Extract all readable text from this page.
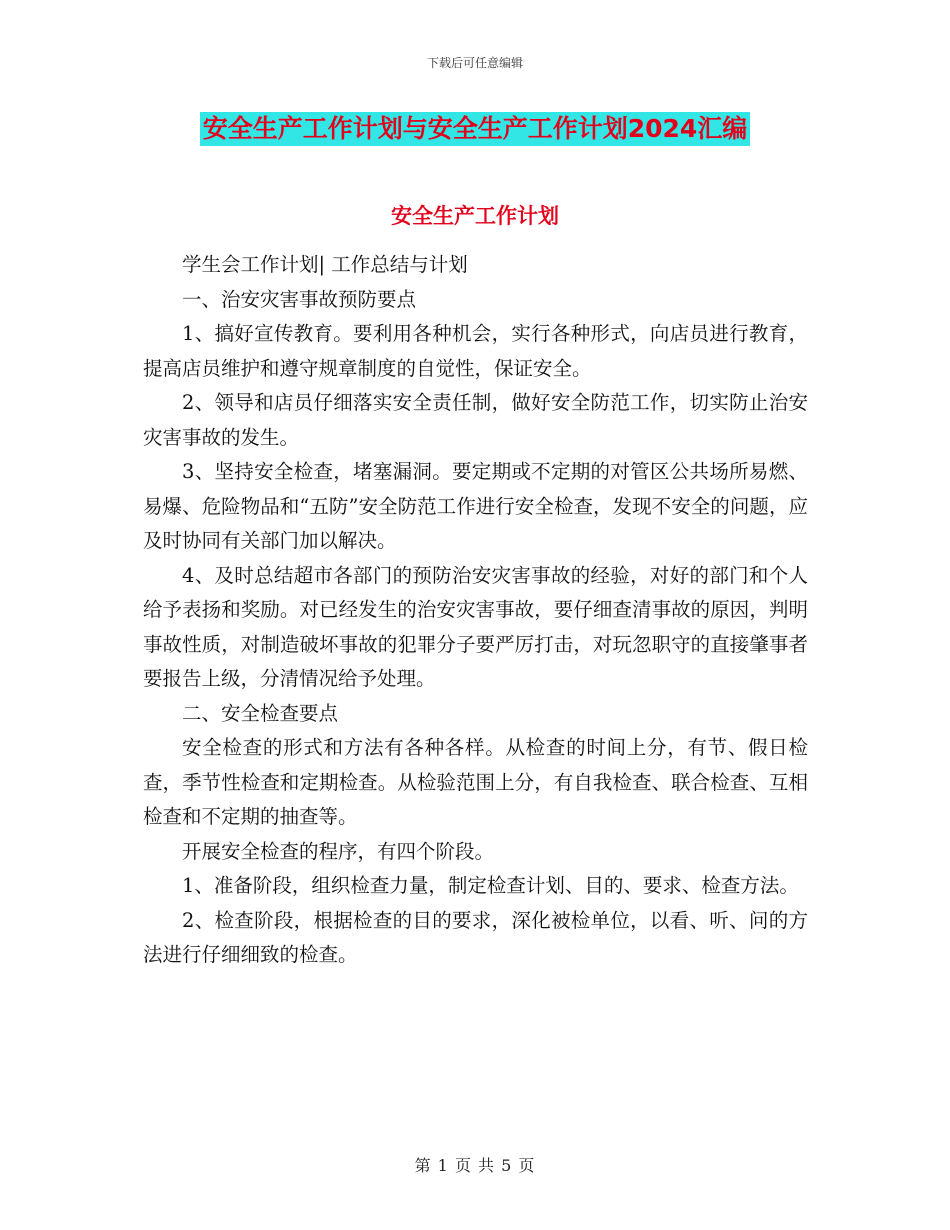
下载后可任意编辑
安全生产工作计划与安全生产工作计划2024汇编
安全生产工作计划

学生会工作计划| 工作总结与计划

一、治安灾害事故预防要点

1、搞好宣传教育。要利用各种机会，实行各种形式，向店员进行教育，提高店员维护和遵守规章制度的自觉性，保证安全。

2、领导和店员仔细落实安全责任制，做好安全防范工作，切实防止治安灾害事故的发生。

3、坚持安全检查，堵塞漏洞。要定期或不定期的对管区公共场所易燃、易爆、危险物品和“五防”安全防范工作进行安全检查，发现不安全的问题，应及时协同有关部门加以解决。

4、及时总结超市各部门的预防治安灾害事故的经验，对好的部门和个人给予表扬和奖励。对已经发生的治安灾害事故，要仔细查清事故的原因，判明事故性质，对制造破坏事故的犯罪分子要严厉打击，对玩忽职守的直接肇事者要报告上级，分清情况给予处理。

二、安全检查要点

安全检查的形式和方法有各种各样。从检查的时间上分，有节、假日检查，季节性检查和定期检查。从检验范围上分，有自我检查、联合检查、互相检查和不定期的抽查等。

开展安全检查的程序，有四个阶段。

1、准备阶段，组织检查力量，制定检查计划、目的、要求、检查方法。

2、检查阶段，根据检查的目的要求，深化被检单位，以看、听、问的方法进行仔细细致的检查。

第 1 页 共 5 页
